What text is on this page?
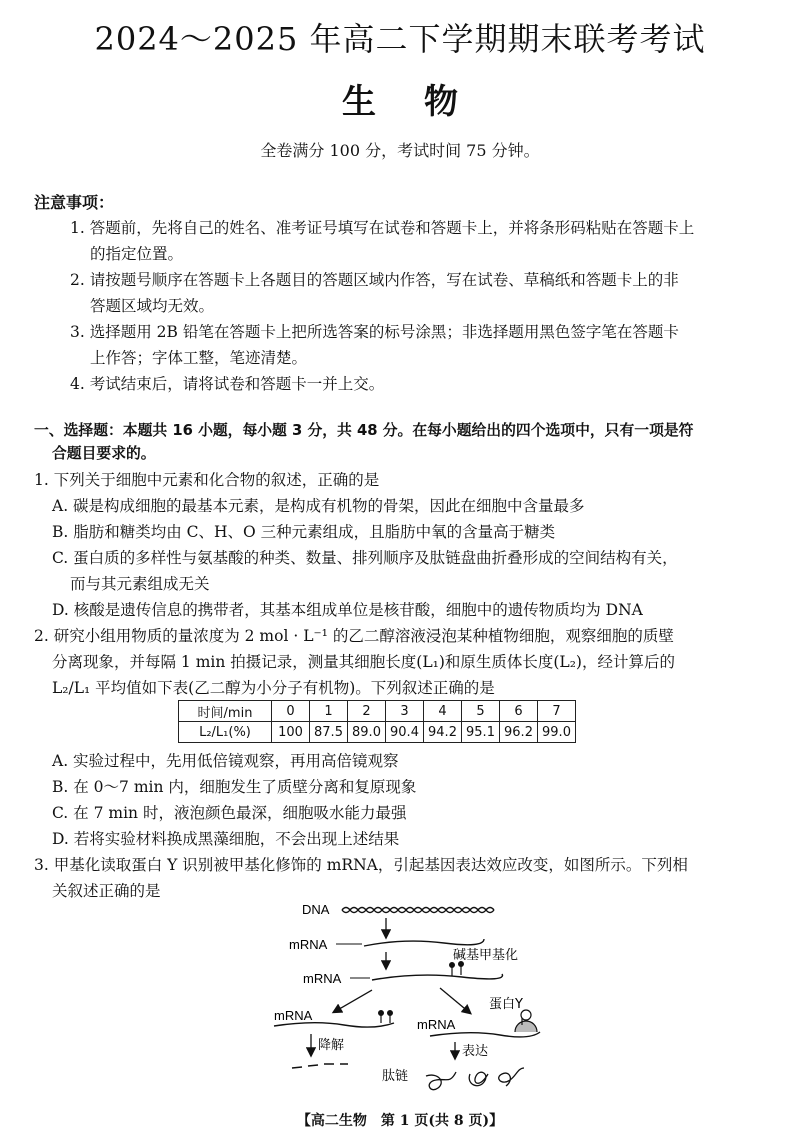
2024～2025 年高二下学期期末联考考试
生物
全卷满分 100 分，考试时间 75 分钟。
注意事项：
1. 答题前，先将自己的姓名、准考证号填写在试卷和答题卡上，并将条形码粘贴在答题卡上
的指定位置。
2. 请按题号顺序在答题卡上各题目的答题区域内作答，写在试卷、草稿纸和答题卡上的非
答题区域均无效。
3. 选择题用 2B 铅笔在答题卡上把所选答案的标号涂黑；非选择题用黑色签字笔在答题卡
上作答；字体工整，笔迹清楚。
4. 考试结束后，请将试卷和答题卡一并上交。
一、选择题：本题共 16 小题，每小题 3 分，共 48 分。在每小题给出的四个选项中，只有一项是符
合题目要求的。
1. 下列关于细胞中元素和化合物的叙述，正确的是
A. 碳是构成细胞的最基本元素，是构成有机物的骨架，因此在细胞中含量最多
B. 脂肪和糖类均由 C、H、O 三种元素组成，且脂肪中氧的含量高于糖类
C. 蛋白质的多样性与氨基酸的种类、数量、排列顺序及肽链盘曲折叠形成的空间结构有关，
而与其元素组成无关
D. 核酸是遗传信息的携带者，其基本组成单位是核苷酸，细胞中的遗传物质均为 DNA
2. 研究小组用物质的量浓度为 2 mol · L⁻¹ 的乙二醇溶液浸泡某种植物细胞，观察细胞的质壁
分离现象，并每隔 1 min 拍摄记录，测量其细胞长度(L₁)和原生质体长度(L₂)，经计算后的
L₂/L₁ 平均值如下表(乙二醇为小分子有机物)。下列叙述正确的是
时间/min	0	1	2	3	4	5	6	7
L₂/L₁(%)	100	87.5	89.0	90.4	94.2	95.1	96.2	99.0
A. 实验过程中，先用低倍镜观察，再用高倍镜观察
B. 在 0～7 min 内，细胞发生了质壁分离和复原现象
C. 在 7 min 时，液泡颜色最深，细胞吸水能力最强
D. 若将实验材料换成黑藻细胞，不会出现上述结果
3. 甲基化读取蛋白 Y 识别被甲基化修饰的 mRNA，引起基因表达效应改变，如图所示。下列相
关叙述正确的是
DNA
mRNA
mRNA
碱基甲基化
mRNA
降解
mRNA
蛋白Y
表达
肽链
【高二生物　第 1 页(共 8 页)】
